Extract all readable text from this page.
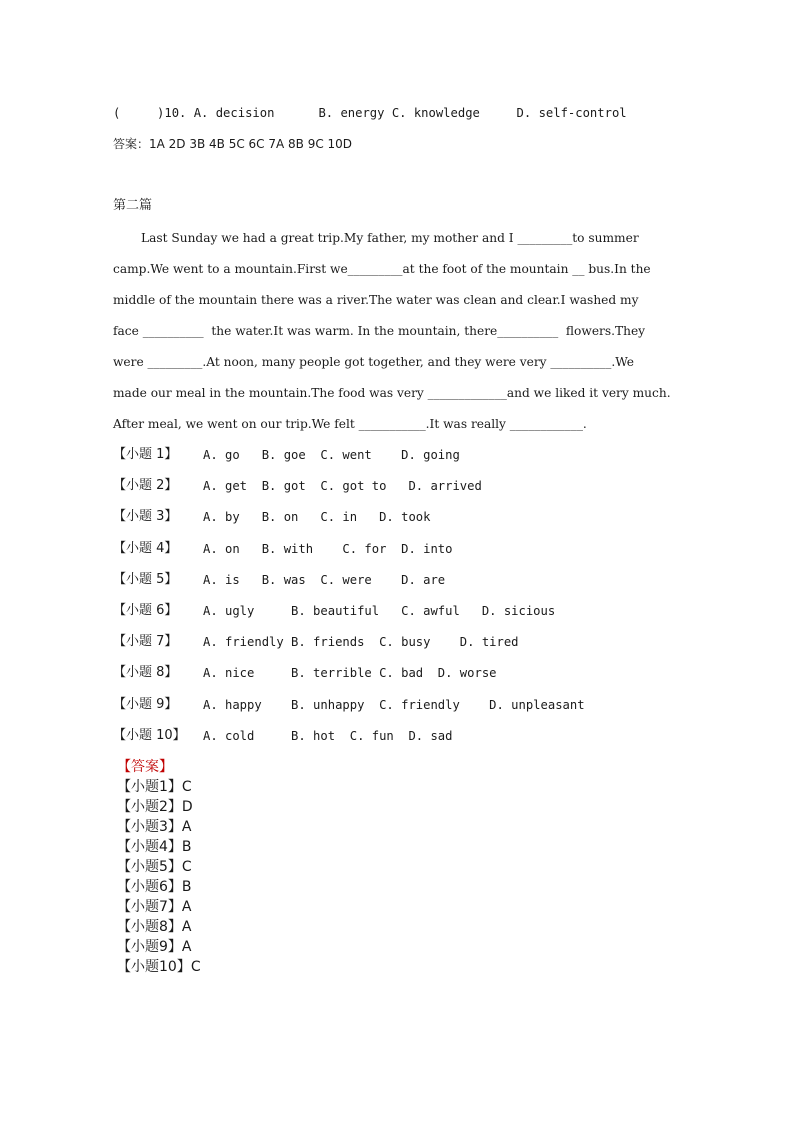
(     )10. A. decision      B. energy C. knowledge     D. self-control
答案：1A 2D 3B 4B 5C 6C 7A 8B 9C 10D
第二篇
Last Sunday we had a great trip.My father, my mother and I _________to summer
camp.We went to a mountain.First we_________at the foot of the mountain __ bus.In the
middle of the mountain there was a river.The water was clean and clear.I washed my
face __________  the water.It was warm. In the mountain, there__________  flowers.They
were _________.At noon, many people got together, and they were very __________.We
made our meal in the mountain.The food was very _____________and we liked it very much.
After meal, we went on our trip.We felt ___________.It was really ____________.

【小题 1】

A. go   B. goe  C. went    D. going

【小题 2】

A. get  B. got  C. got to   D. arrived

【小题 3】

A. by   B. on   C. in   D. took

【小题 4】

A. on   B. with    C. for  D. into

【小题 5】

A. is   B. was  C. were    D. are

【小题 6】

A. ugly     B. beautiful   C. awful   D. sicious

【小题 7】

A. friendly B. friends  C. busy    D. tired

【小题 8】

A. nice     B. terrible C. bad  D. worse

【小题 9】

A. happy    B. unhappy  C. friendly    D. unpleasant

【小题 10】

A. cold     B. hot  C. fun  D. sad

【答案】
【小题1】C
【小题2】D
【小题3】A
【小题4】B
【小题5】C
【小题6】B
【小题7】A
【小题8】A
【小题9】A
【小题10】C
